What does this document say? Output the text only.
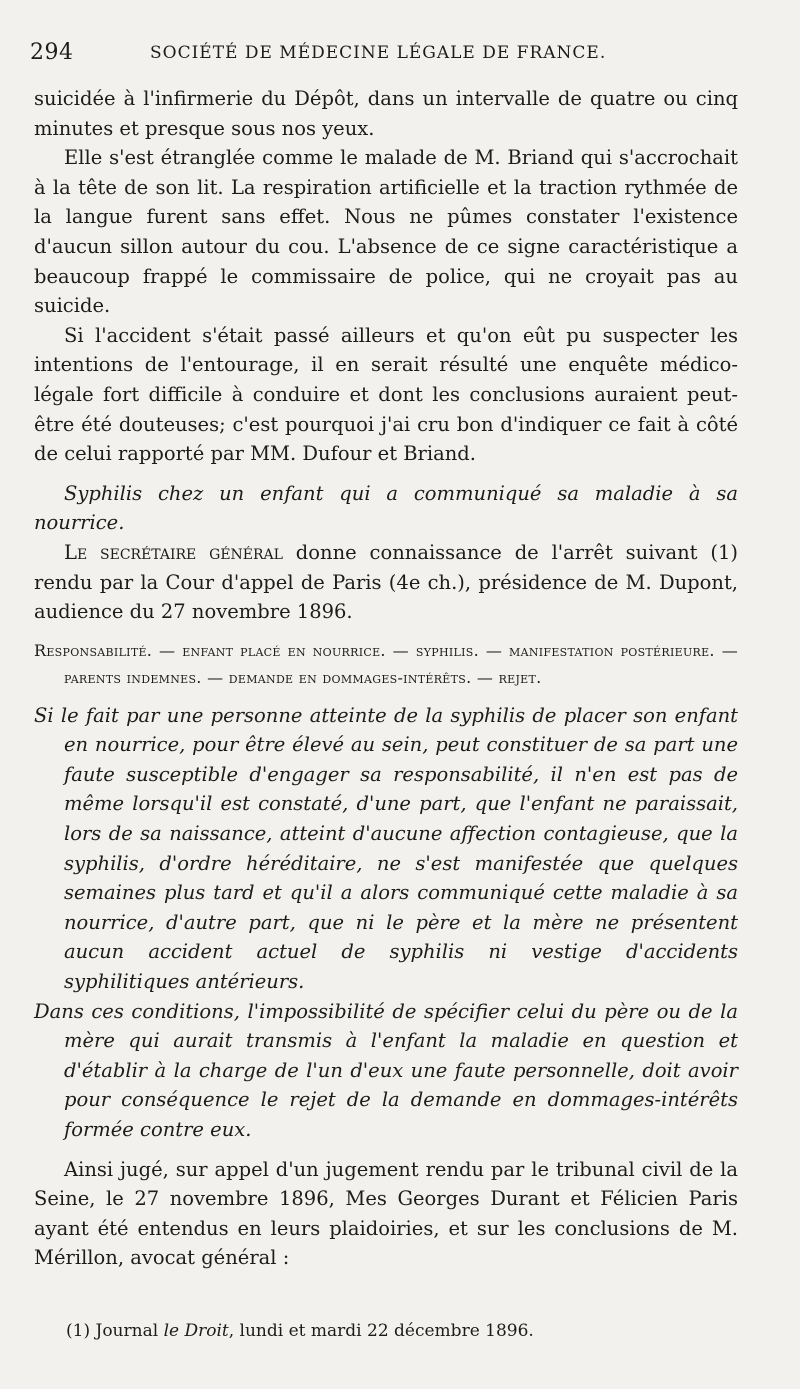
294	SOCIÉTÉ DE MÉDECINE LÉGALE DE FRANCE.

suicidée à l'infirmerie du Dépôt, dans un intervalle de quatre ou cinq minutes et presque sous nos yeux.

Elle s'est étranglée comme le malade de M. Briand qui s'accrochait à la tête de son lit. La respiration artificielle et la traction rythmée de la langue furent sans effet. Nous ne pûmes constater l'existence d'aucun sillon autour du cou. L'absence de ce signe caractéristique a beaucoup frappé le commissaire de police, qui ne croyait pas au suicide.

Si l'accident s'était passé ailleurs et qu'on eût pu suspecter les intentions de l'entourage, il en serait résulté une enquête médico-légale fort difficile à conduire et dont les conclusions auraient peut-être été douteuses; c'est pourquoi j'ai cru bon d'indiquer ce fait à côté de celui rapporté par MM. Dufour et Briand.

Syphilis chez un enfant qui a communiqué sa maladie à sa nourrice.

Le secrétaire général donne connaissance de l'arrêt suivant (1) rendu par la Cour d'appel de Paris (4e ch.), présidence de M. Dupont, audience du 27 novembre 1896.

Responsabilité. — enfant placé en nourrice. — syphilis. — manifestation postérieure. — parents indemnes. — demande en dommages-intérêts. — rejet.

Si le fait par une personne atteinte de la syphilis de placer son enfant en nourrice, pour être élevé au sein, peut constituer de sa part une faute susceptible d'engager sa responsabilité, il n'en est pas de même lorsqu'il est constaté, d'une part, que l'enfant ne paraissait, lors de sa naissance, atteint d'aucune affection contagieuse, que la syphilis, d'ordre héréditaire, ne s'est manifestée que quelques semaines plus tard et qu'il a alors communiqué cette maladie à sa nourrice, d'autre part, que ni le père et la mère ne présentent aucun accident actuel de syphilis ni vestige d'accidents syphilitiques antérieurs.

Dans ces conditions, l'impossibilité de spécifier celui du père ou de la mère qui aurait transmis à l'enfant la maladie en question et d'établir à la charge de l'un d'eux une faute personnelle, doit avoir pour conséquence le rejet de la demande en dommages-intérêts formée contre eux.

Ainsi jugé, sur appel d'un jugement rendu par le tribunal civil de la Seine, le 27 novembre 1896, Mes Georges Durant et Félicien Paris ayant été entendus en leurs plaidoiries, et sur les conclusions de M. Mérillon, avocat général :

(1) Journal le Droit, lundi et mardi 22 décembre 1896.
